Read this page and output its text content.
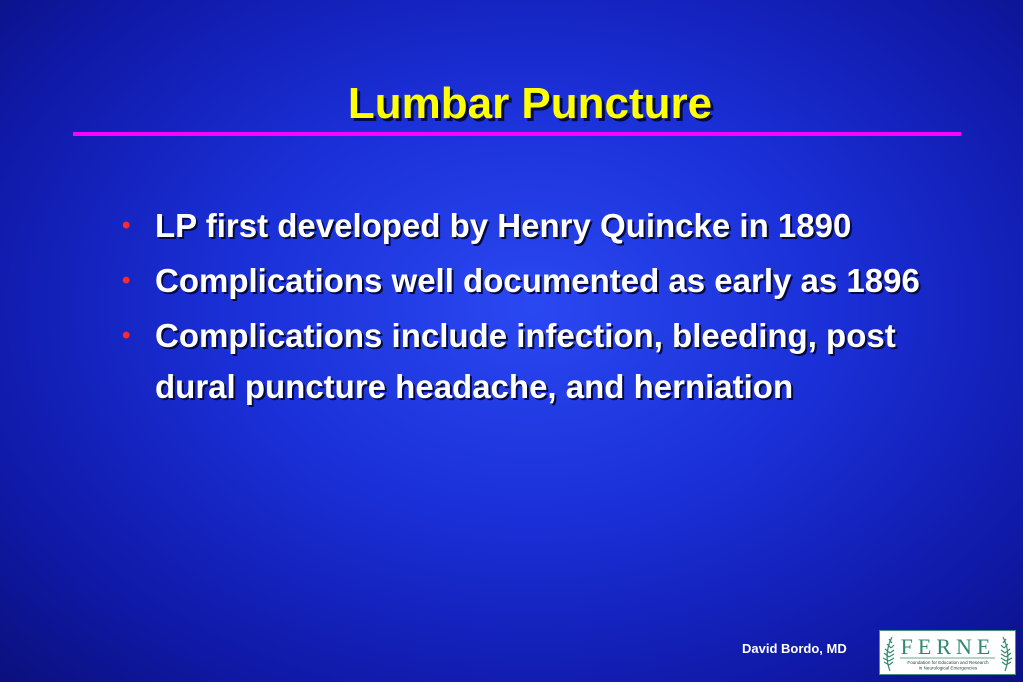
Lumbar Puncture
• LP first developed by Henry Quincke in 1890
• Complications well documented as early as 1896
• Complications include infection, bleeding, post dural puncture headache, and herniation
David Bordo, MD FERNE
Foundation for Education and Research
in Neurological Emergencies
